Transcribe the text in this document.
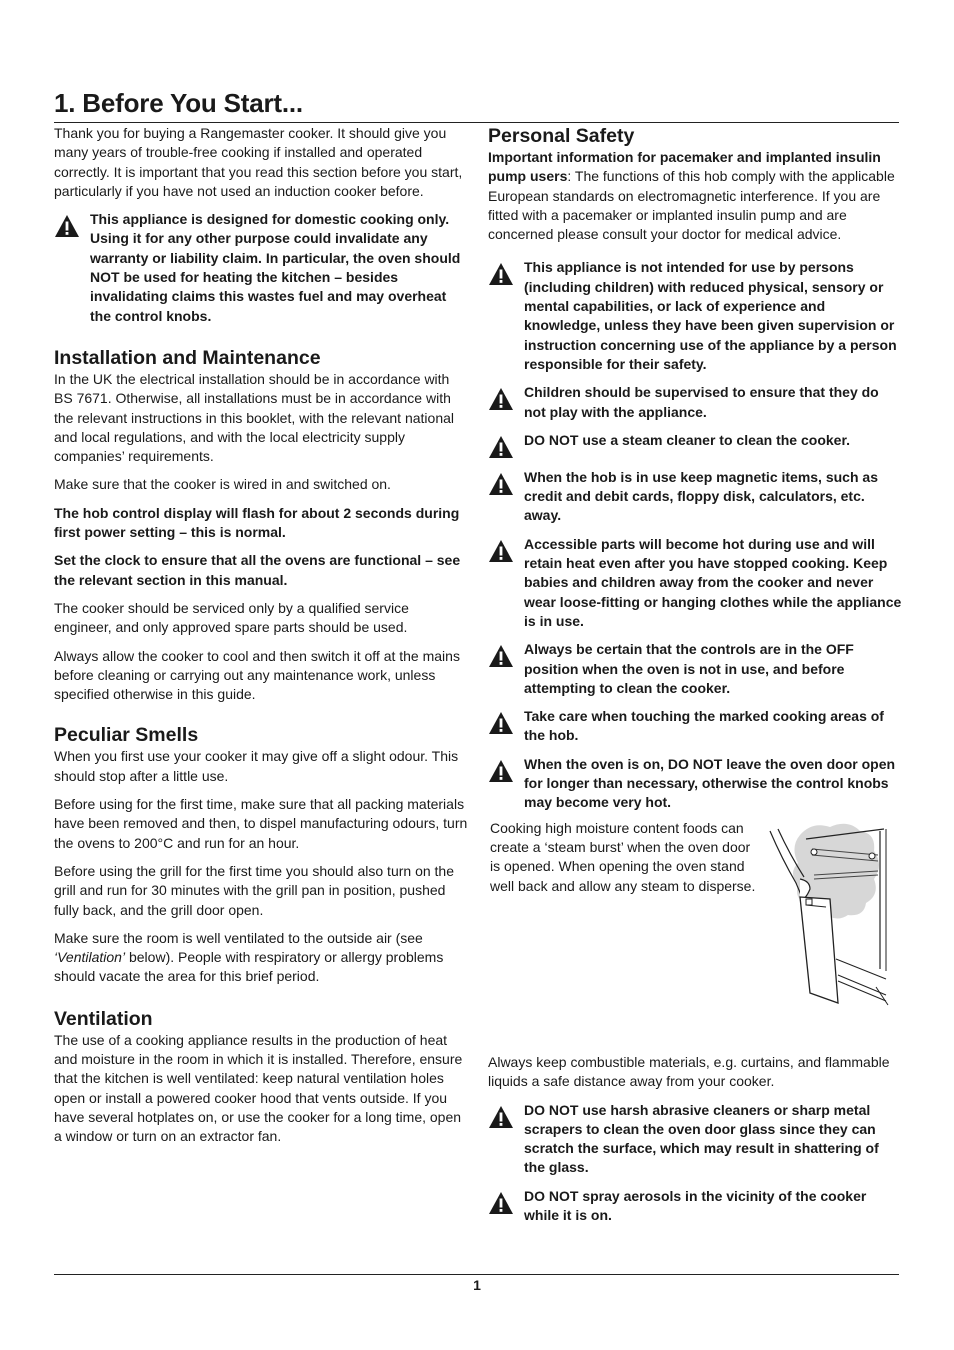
1. Before You Start...

Thank you for buying a Rangemaster cooker. It should give you many years of trouble-free cooking if installed and operated correctly. It is important that you read this section before you start, particularly if you have not used an induction cooker before.

This appliance is designed for domestic cooking only. Using it for any other purpose could invalidate any warranty or liability claim. In particular, the oven should NOT be used for heating the kitchen – besides invalidating claims this wastes fuel and may overheat the control knobs.
Installation and Maintenance

In the UK the electrical installation should be in accordance with BS 7671. Otherwise, all installations must be in accordance with the relevant instructions in this booklet, with the relevant national and local regulations, and with the local electricity supply companies’ requirements.

Make sure that the cooker is wired in and switched on.

The hob control display will flash for about 2 seconds during first power setting – this is normal.

Set the clock to ensure that all the ovens are functional – see the relevant section in this manual.

The cooker should be serviced only by a qualified service engineer, and only approved spare parts should be used.

Always allow the cooker to cool and then switch it off at the mains before cleaning or carrying out any maintenance work, unless specified otherwise in this guide.

Peculiar Smells

When you first use your cooker it may give off a slight odour. This should stop after a little use.

Before using for the first time, make sure that all packing materials have been removed and then, to dispel manufacturing odours, turn the ovens to 200°C and run for an hour.

Before using the grill for the first time you should also turn on the grill and run for 30 minutes with the grill pan in position, pushed fully back, and the grill door open.

Make sure the room is well ventilated to the outside air (see ‘Ventilation’ below). People with respiratory or allergy problems should vacate the area for this brief period.

Ventilation

The use of a cooking appliance results in the production of heat and moisture in the room in which it is installed. Therefore, ensure that the kitchen is well ventilated: keep natural ventilation holes open or install a powered cooker hood that vents outside. If you have several hotplates on, or use the cooker for a long time, open a window or turn on an extractor fan.

Personal Safety

Important information for pacemaker and implanted insulin pump users: The functions of this hob comply with the applicable European standards on electromagnetic interference. If you are fitted with a pacemaker or implanted insulin pump and are concerned please consult your doctor for medical advice.

This appliance is not intended for use by persons (including children) with reduced physical, sensory or mental capabilities, or lack of experience and knowledge, unless they have been given supervision or instruction concerning use of the appliance by a person responsible for their safety.
Children should be supervised to ensure that they do not play with the appliance.
DO NOT use a steam cleaner to clean the cooker.
When the hob is in use keep magnetic items, such as credit and debit cards, floppy disk, calculators, etc. away.
Accessible parts will become hot during use and will retain heat even after you have stopped cooking. Keep babies and children away from the cooker and never wear loose-fitting or hanging clothes while the appliance is in use.
Always be certain that the controls are in the OFF position when the oven is not in use, and before attempting to clean the cooker.
Take care when touching the marked cooking areas of the hob.
When the oven is on, DO NOT leave the oven door open for longer than necessary, otherwise the control knobs may become very hot.
Cooking high moisture content foods can create a ‘steam burst’ when the oven door is opened. When opening the oven stand well back and allow any steam to disperse.

Always keep combustible materials, e.g. curtains, and flammable liquids a safe distance away from your cooker.

DO NOT use harsh abrasive cleaners or sharp metal scrapers to clean the oven door glass since they can scratch the surface, which may result in shattering of the glass.
DO NOT spray aerosols in the vicinity of the cooker while it is on.
1
